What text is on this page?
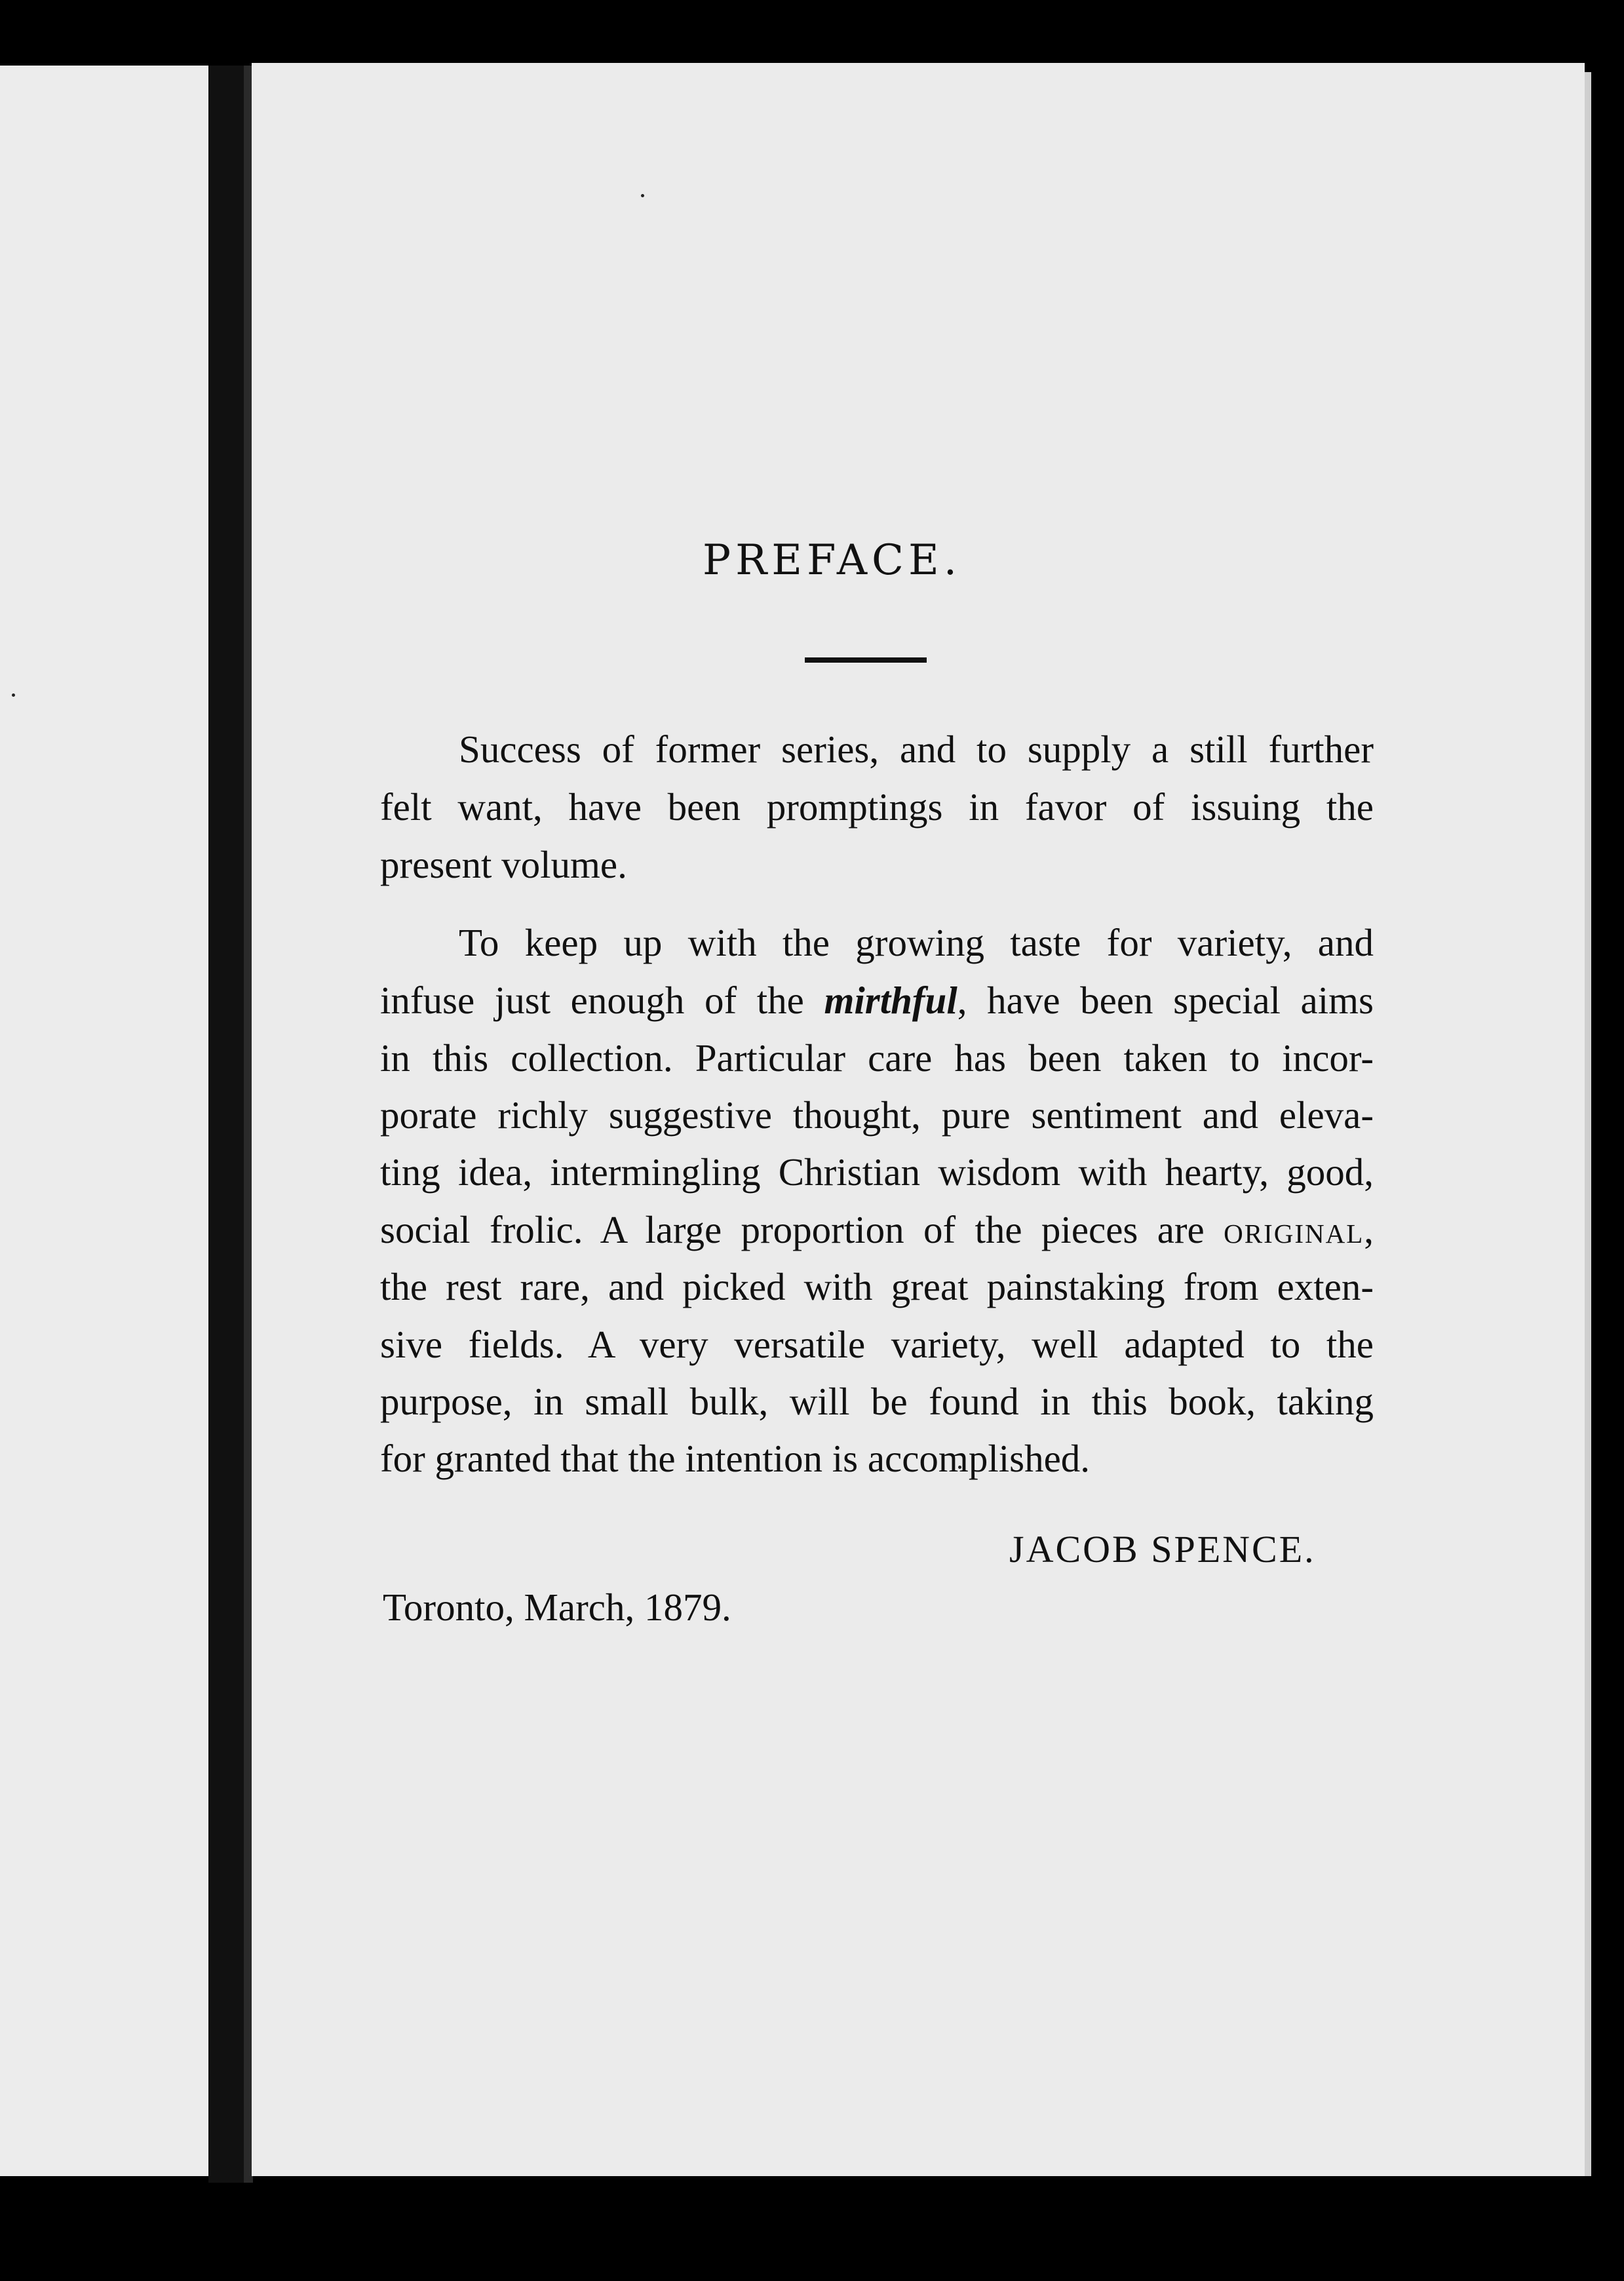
PREFACE.
Success of former series, and to supply a still further
felt want, have been promptings in favor of issuing the
present volume.
To keep up with the growing taste for variety, and
infuse just enough of the mirthful, have been special aims
in this collection. Particular care has been taken to incor-
porate richly suggestive thought, pure sentiment and eleva-
ting idea, intermingling Christian wisdom with hearty, good,
social frolic. A large proportion of the pieces are original,
the rest rare, and picked with great painstaking from exten-
sive fields. A very versatile variety, well adapted to the
purpose, in small bulk, will be found in this book, taking
for granted that the intention is accomplished.
JACOB SPENCE.
Toronto, March, 1879.
